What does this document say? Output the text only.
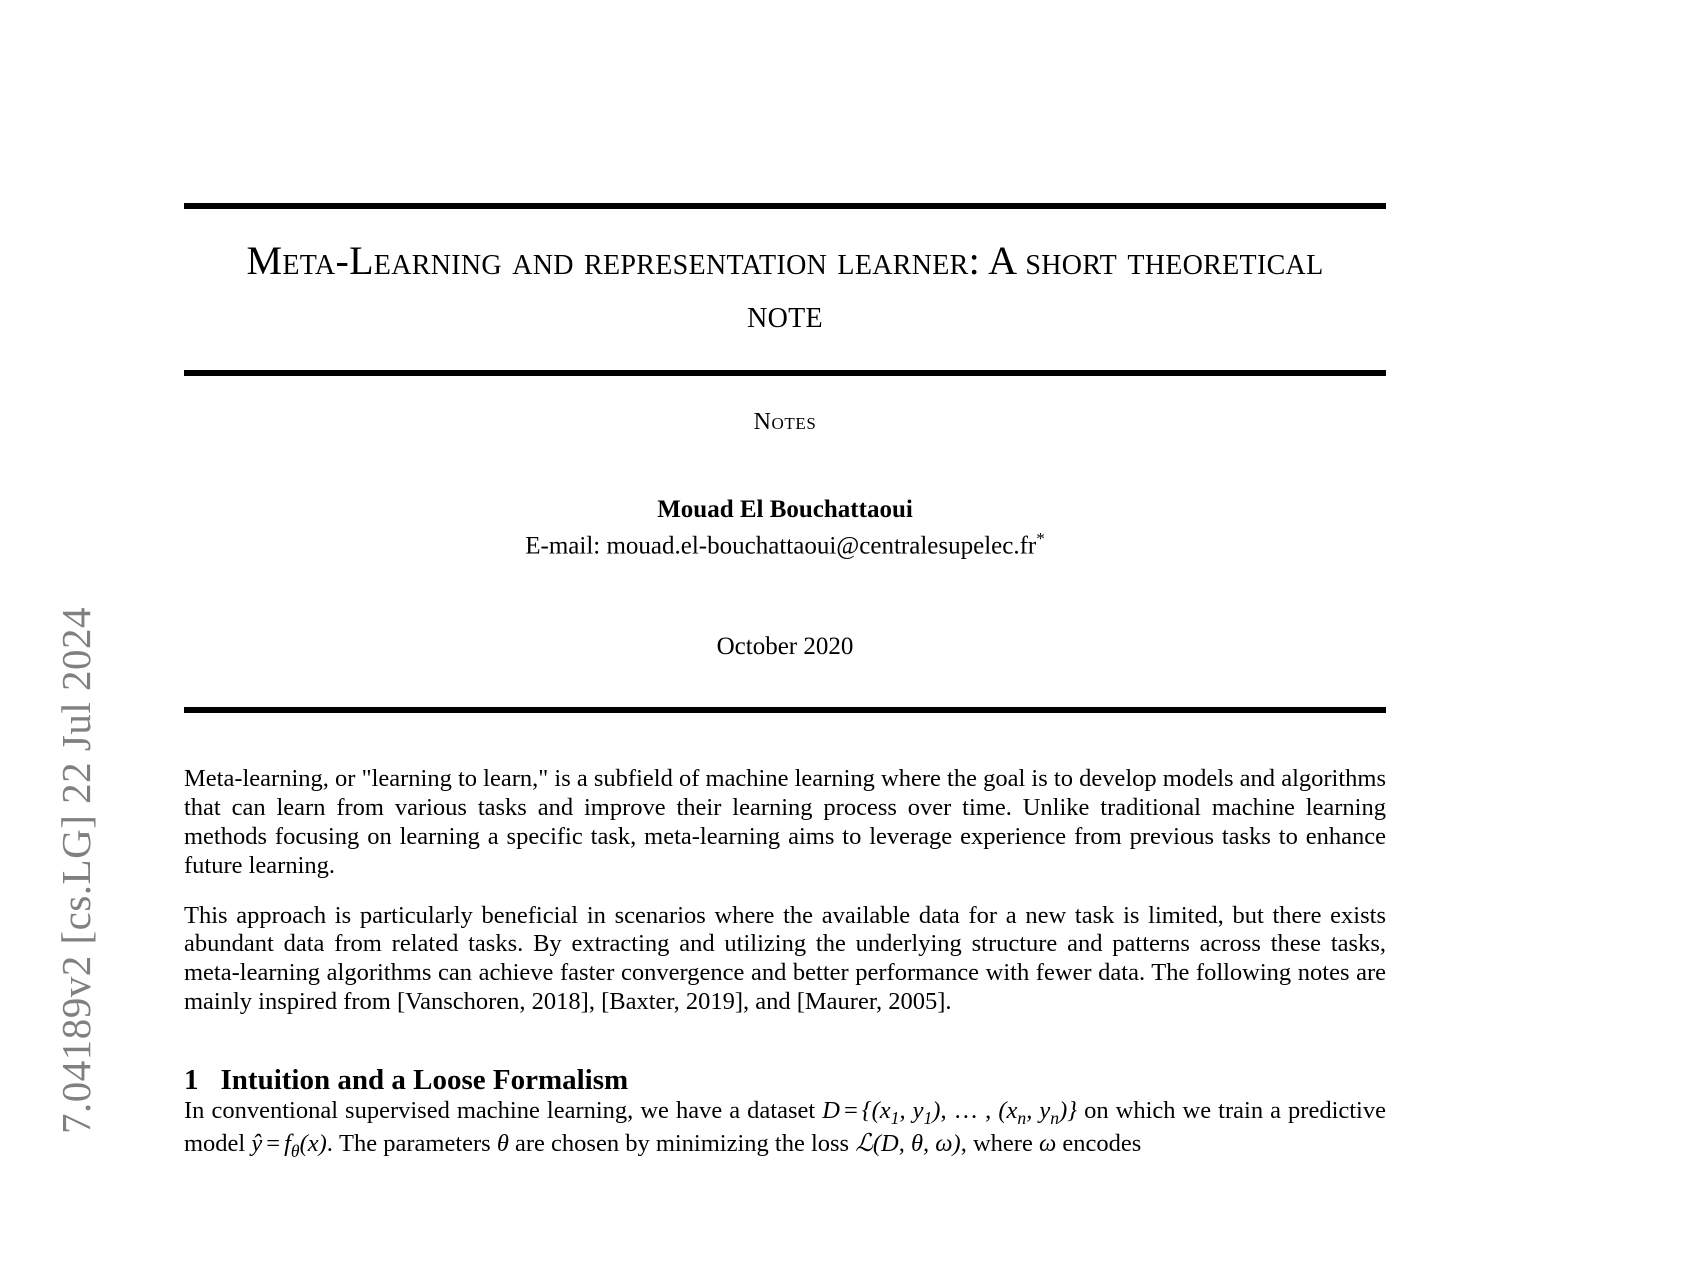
7.04189v2 [cs.LG] 22 Jul 2024
Meta-Learning and representation learner: A short theoretical note
Notes
Mouad El Bouchattaoui
E-mail: mouad.el-bouchattaoui@centralesupelec.fr*
October 2020

Meta-learning, or "learning to learn," is a subfield of machine learning where the goal is to develop models and algorithms that can learn from various tasks and improve their learning process over time. Unlike traditional machine learning methods focusing on learning a specific task, meta-learning aims to leverage experience from previous tasks to enhance future learning.

This approach is particularly beneficial in scenarios where the available data for a new task is limited, but there exists abundant data from related tasks. By extracting and utilizing the underlying structure and patterns across these tasks, meta-learning algorithms can achieve faster convergence and better performance with fewer data. The following notes are mainly inspired from [Vanschoren, 2018], [Baxter, 2019], and [Maurer, 2005].

1 Intuition and a Loose Formalism

In conventional supervised machine learning, we have a dataset $D = \{(x_1$, $y_1$), … , ($x_n$, $y_n$)} on which we train a predictive model ŷ = $f_\theta(x)$. The parameters θ are chosen by minimizing the loss ℒ(D, θ, ω), where ω encodes
